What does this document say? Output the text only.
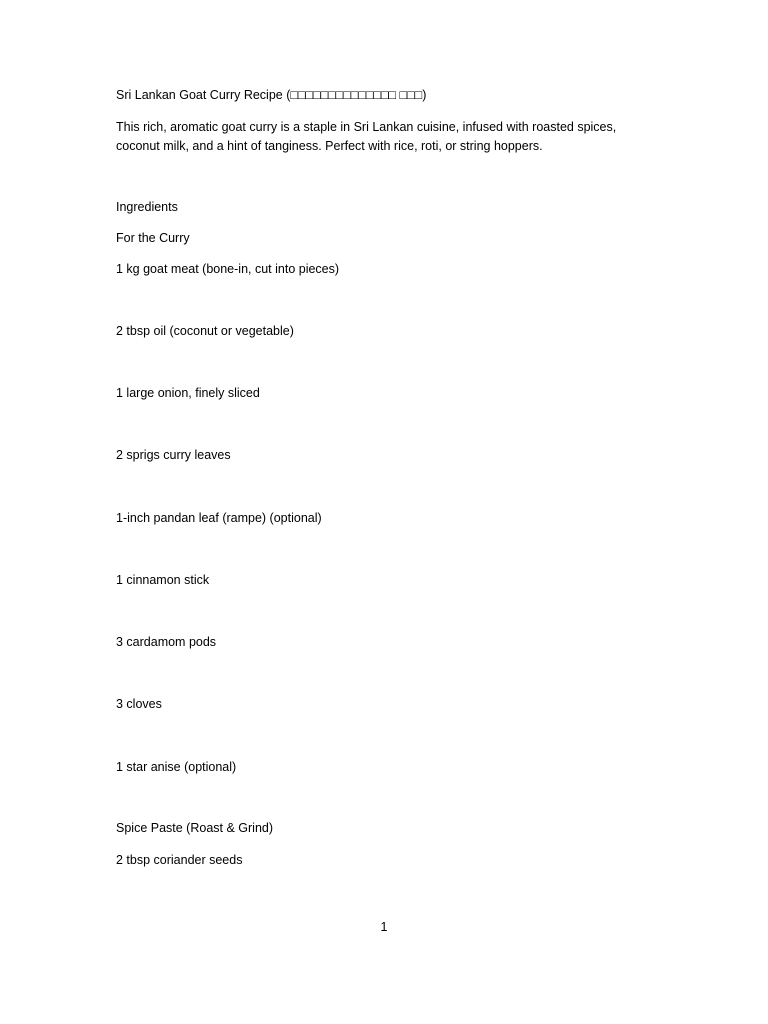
Sri Lankan Goat Curry Recipe (□□□□□□□□□□□□□□ □□□)
This rich, aromatic goat curry is a staple in Sri Lankan cuisine, infused with roasted spices, coconut milk, and a hint of tanginess. Perfect with rice, roti, or string hoppers.
Ingredients
For the Curry
1 kg goat meat (bone-in, cut into pieces)
2 tbsp oil (coconut or vegetable)
1 large onion, finely sliced
2 sprigs curry leaves
1-inch pandan leaf (rampe) (optional)
1 cinnamon stick
3 cardamom pods
3 cloves
1 star anise (optional)
Spice Paste (Roast & Grind)
2 tbsp coriander seeds
1
